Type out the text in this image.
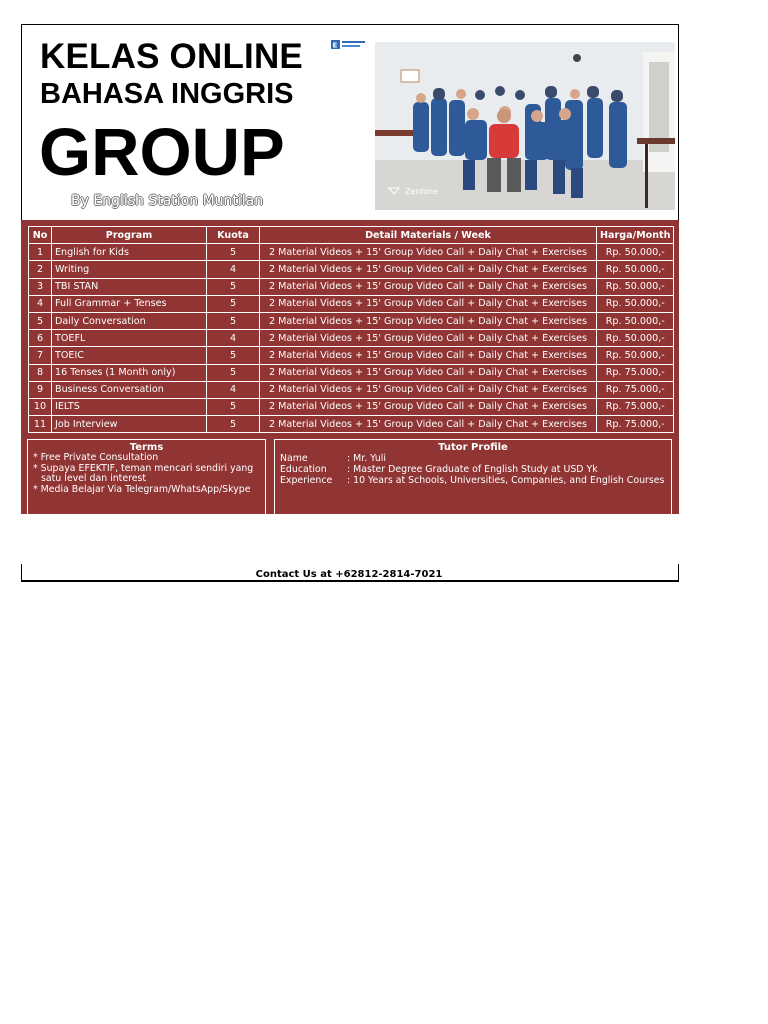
KELAS ONLINE
BAHASA INGGRIS
GROUP
By English Station Muntilan
E
Zenfone
No	Program	Kuota	Detail Materials / Week	Harga/Month
1	English for Kids	5	2 Material Videos + 15' Group Video Call + Daily Chat + Exercises	Rp. 50.000,-
2	Writing	4	2 Material Videos + 15' Group Video Call + Daily Chat + Exercises	Rp. 50.000,-
3	TBI STAN	5	2 Material Videos + 15' Group Video Call + Daily Chat + Exercises	Rp. 50.000,-
4	Full Grammar + Tenses	5	2 Material Videos + 15' Group Video Call + Daily Chat + Exercises	Rp. 50.000,-
5	Daily Conversation	5	2 Material Videos + 15' Group Video Call + Daily Chat + Exercises	Rp. 50.000,-
6	TOEFL	4	2 Material Videos + 15' Group Video Call + Daily Chat + Exercises	Rp. 50.000,-
7	TOEIC	5	2 Material Videos + 15' Group Video Call + Daily Chat + Exercises	Rp. 50.000,-
8	16 Tenses (1 Month only)	5	2 Material Videos + 15' Group Video Call + Daily Chat + Exercises	Rp. 75.000,-
9	Business Conversation	4	2 Material Videos + 15' Group Video Call + Daily Chat + Exercises	Rp. 75.000,-
10	IELTS	5	2 Material Videos + 15' Group Video Call + Daily Chat + Exercises	Rp. 75.000,-
11	Job Interview	5	2 Material Videos + 15' Group Video Call + Daily Chat + Exercises	Rp. 75.000,-
Terms
* Free Private Consultation
* Supaya EFEKTIF, teman mencari sendiri yang
satu level dan interest
* Media Belajar Via Telegram/WhatsApp/Skype
Tutor Profile
Name	: Mr. Yuli
Education	: Master Degree Graduate of English Study at USD Yk
Experience	: 10 Years at Schools, Universities, Companies, and English Courses
Contact Us at +62812-2814-7021
